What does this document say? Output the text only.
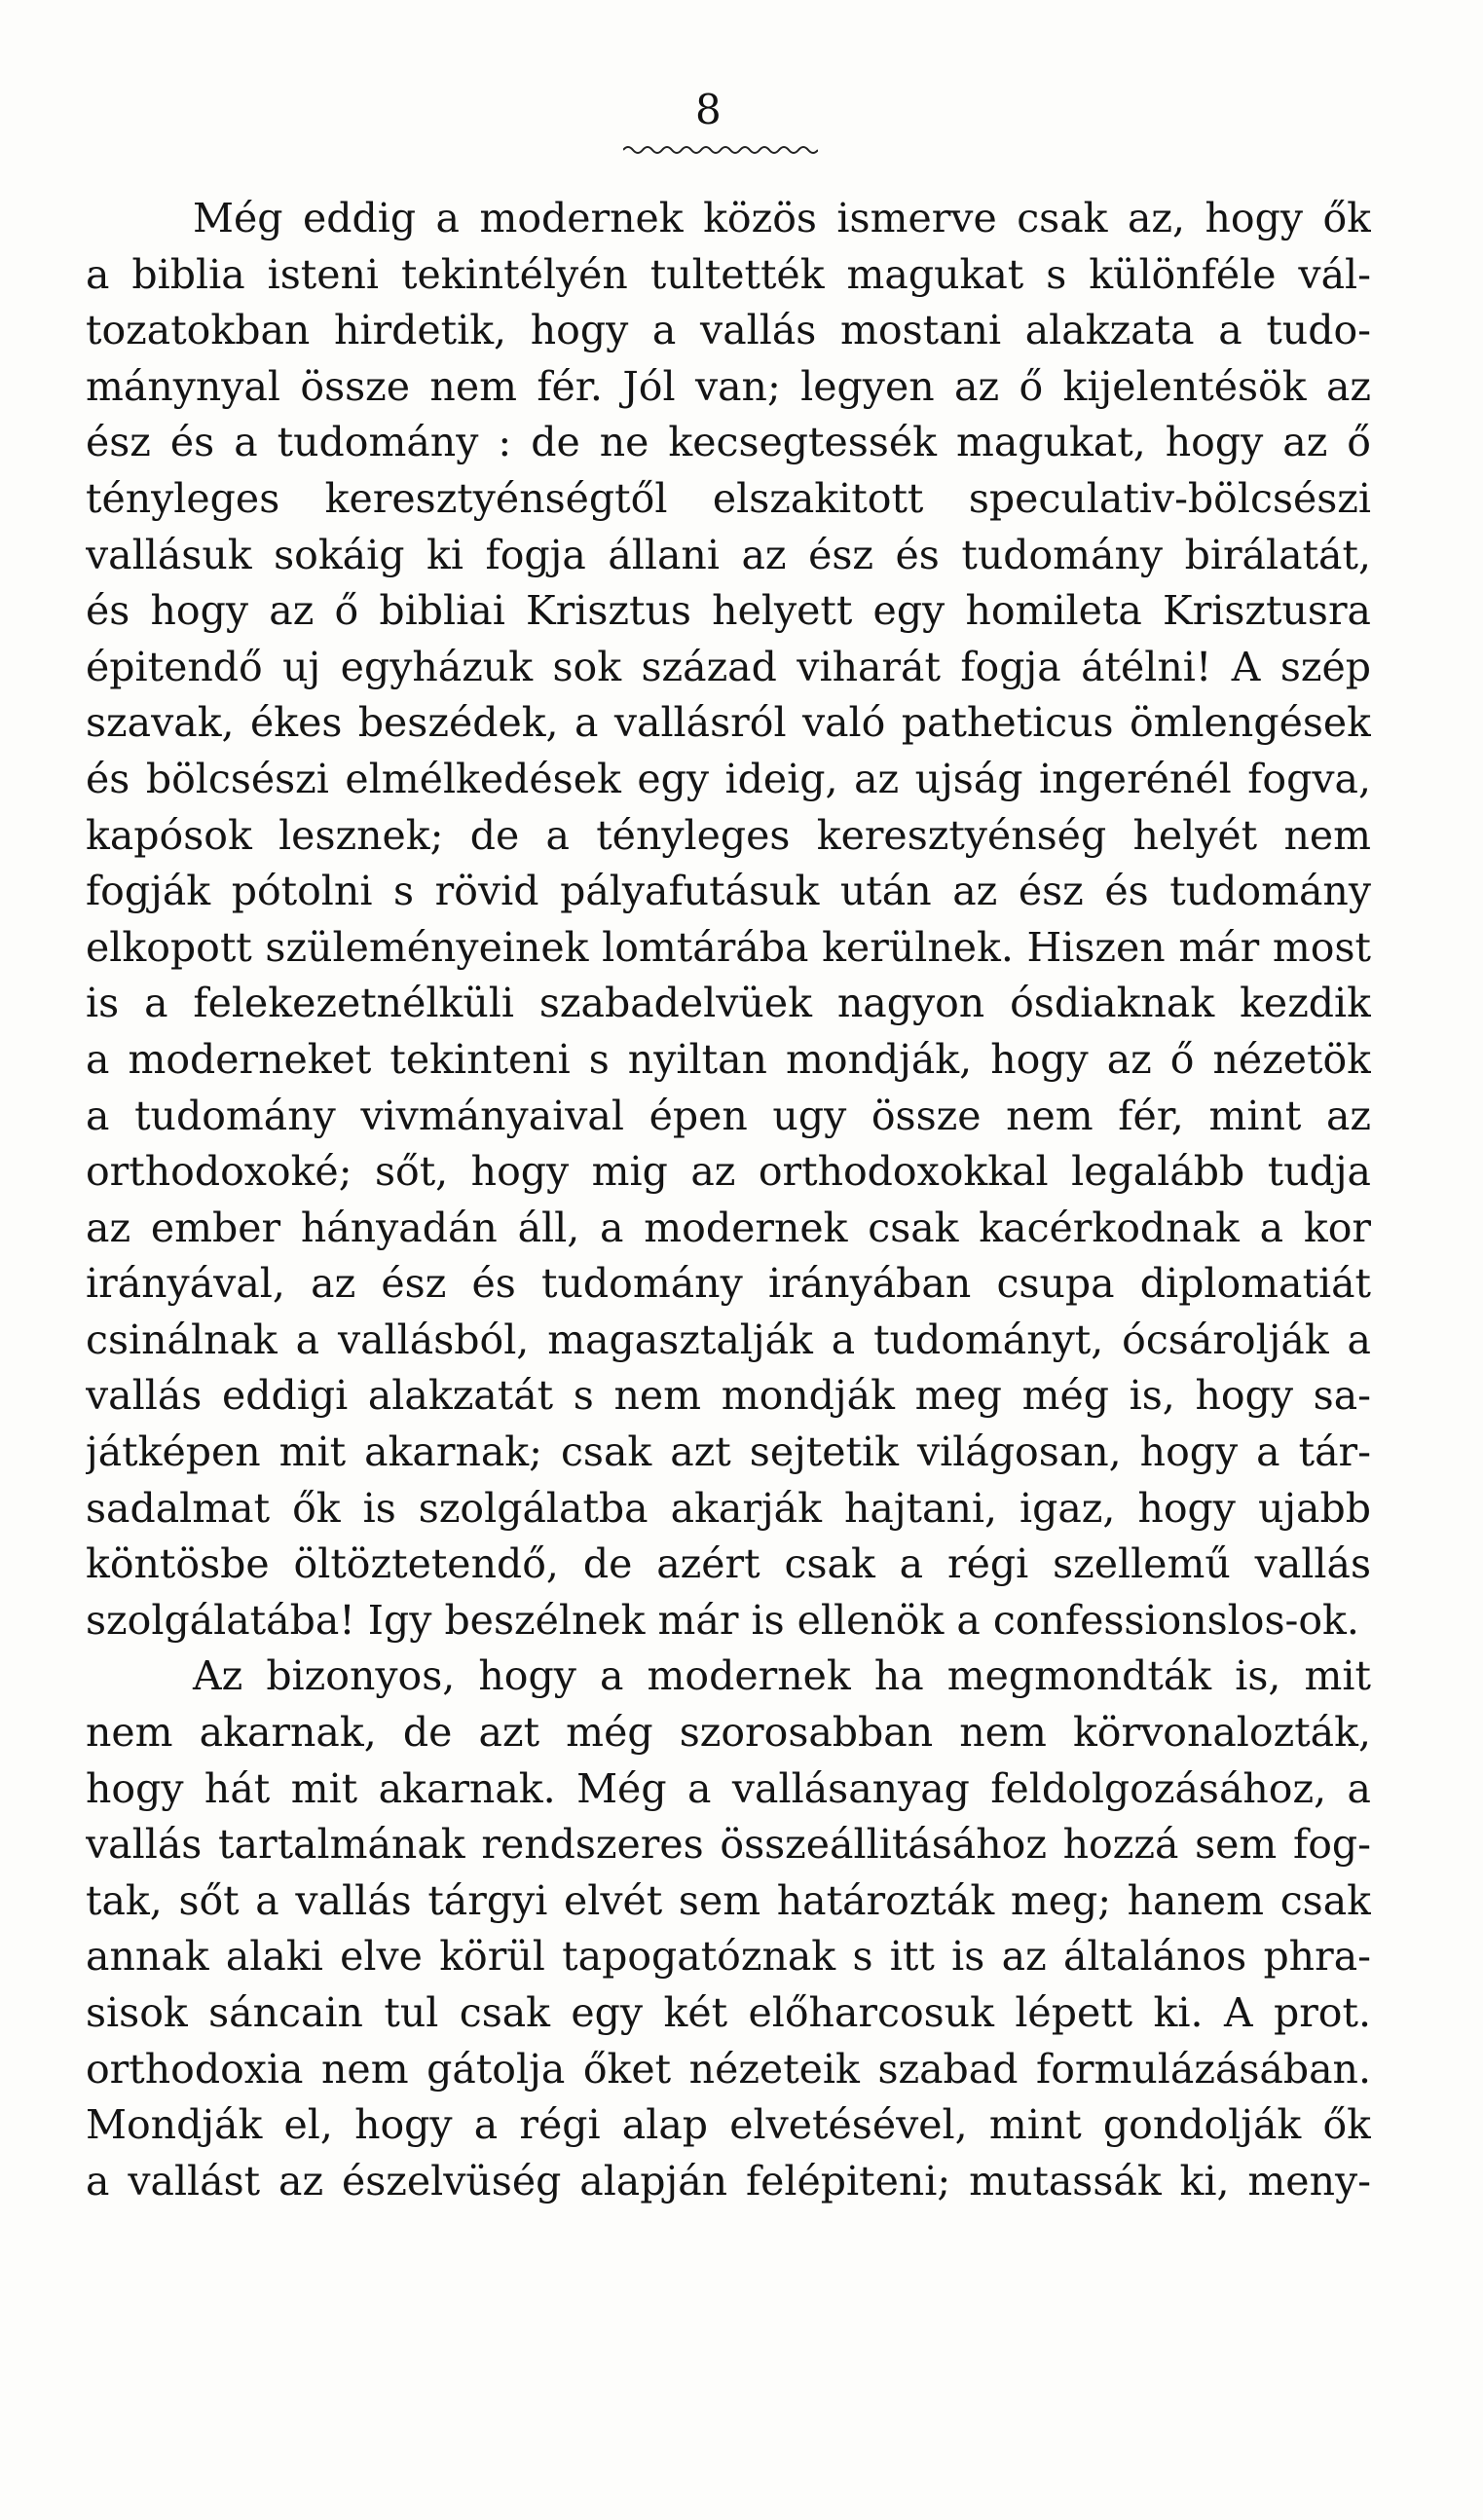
8
Még eddig a modernek közös ismerve csak az, hogy ők
a biblia isteni tekintélyén tultették magukat s különféle vál-
tozatokban hirdetik, hogy a vallás mostani alakzata a tudo-
mánynyal össze nem fér. Jól van; legyen az ő kijelentésök az
ész és a tudomány : de ne kecsegtessék magukat, hogy az ő
tényleges keresztyénségtől elszakitott speculativ-bölcsészi
vallásuk sokáig ki fogja állani az ész és tudomány birálatát,
és hogy az ő bibliai Krisztus helyett egy homileta Krisztusra
épitendő uj egyházuk sok század viharát fogja átélni! A szép
szavak, ékes beszédek, a vallásról való patheticus ömlengések
és bölcsészi elmélkedések egy ideig, az ujság ingerénél fogva,
kapósok lesznek; de a tényleges keresztyénség helyét nem
fogják pótolni s rövid pályafutásuk után az ész és tudomány
elkopott szüleményeinek lomtárába kerülnek. Hiszen már most
is a felekezetnélküli szabadelvüek nagyon ósdiaknak kezdik
a moderneket tekinteni s nyiltan mondják, hogy az ő nézetök
a tudomány vivmányaival épen ugy össze nem fér, mint az
orthodoxoké; sőt, hogy mig az orthodoxokkal legalább tudja
az ember hányadán áll, a modernek csak kacérkodnak a kor
irányával, az ész és tudomány irányában csupa diplomatiát
csinálnak a vallásból, magasztalják a tudományt, ócsárolják a
vallás eddigi alakzatát s nem mondják meg még is, hogy sa-
játképen mit akarnak; csak azt sejtetik világosan, hogy a tár-
sadalmat ők is szolgálatba akarják hajtani, igaz, hogy ujabb
köntösbe öltöztetendő, de azért csak a régi szellemű vallás
szolgálatába! Igy beszélnek már is ellenök a confessionslos-ok.
Az bizonyos, hogy a modernek ha megmondták is, mit
nem akarnak, de azt még szorosabban nem körvonalozták,
hogy hát mit akarnak. Még a vallásanyag feldolgozásához, a
vallás tartalmának rendszeres összeállitásához hozzá sem fog-
tak, sőt a vallás tárgyi elvét sem határozták meg; hanem csak
annak alaki elve körül tapogatóznak s itt is az általános phra-
sisok sáncain tul csak egy két előharcosuk lépett ki. A prot.
orthodoxia nem gátolja őket nézeteik szabad formulázásában.
Mondják el, hogy a régi alap elvetésével, mint gondolják ők
a vallást az észelvüség alapján felépiteni; mutassák ki, meny-
